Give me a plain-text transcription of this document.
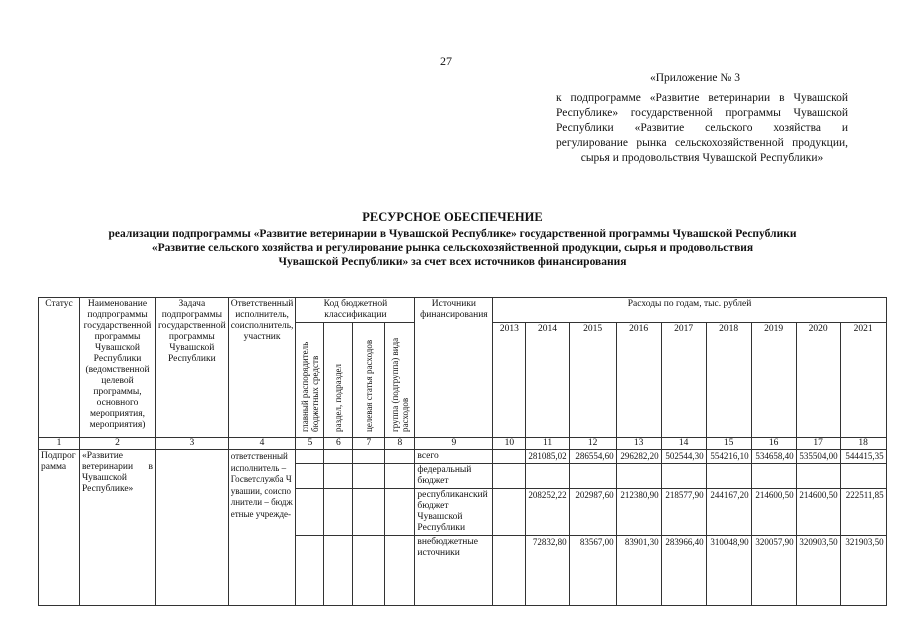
27
«Приложение № 3
к подпрограмме «Развитие ветеринарии в Чувашской Республике» государственной программы Чувашской Республики «Развитие сельского хозяйства и регулирование рынка сельскохозяйственной продукции, сырья и продовольствия Чувашской Республики»
РЕСУРСНОЕ ОБЕСПЕЧЕНИЕ
реализации подпрограммы «Развитие ветеринарии в Чувашской Республике» государственной программы Чувашской Республики
«Развитие сельского хозяйства и регулирование рынка сельскохозяйственной продукции, сырья и продовольствия
Чувашской Республики» за счет всех источников финансирования
Статус	Наименование подпрограммы государственной программы Чувашской Республики (ведомственной целевой программы, основного мероприятия, мероприятия)	Задача подпрограммы государственной программы Чувашской Республики	Ответственный исполнитель, соисполнитель, участник	Код бюджетной классификации				Источники финансирования	Расходы по годам, тыс. рублей								
				главный распорядитель бюджетных средств	раздел, подраздел	целевая статья расходов	группа (подгруппа) вида расходов		2013	2014	2015	2016	2017	2018	2019	2020	2021
1	2	3	4	5	6	7	8	9	10	11	12	13	14	15	16	17	18
Подпрограмма	«Развитие ветеринарии в Чувашской Республике»		ответственный исполнитель – Госветслужба Чувашии, соисполнители – бюджетные учрежде-					всего		281085,02	286554,60	296282,20	502544,30	554216,10	534658,40	535504,00	544415,35
								федеральный бюджет									
								республиканский бюджет Чувашской Республики		208252,22	202987,60	212380,90	218577,90	244167,20	214600,50	214600,50	222511,85
								внебюджетные источники		72832,80	83567,00	83901,30	283966,40	310048,90	320057,90	320903,50	321903,50
